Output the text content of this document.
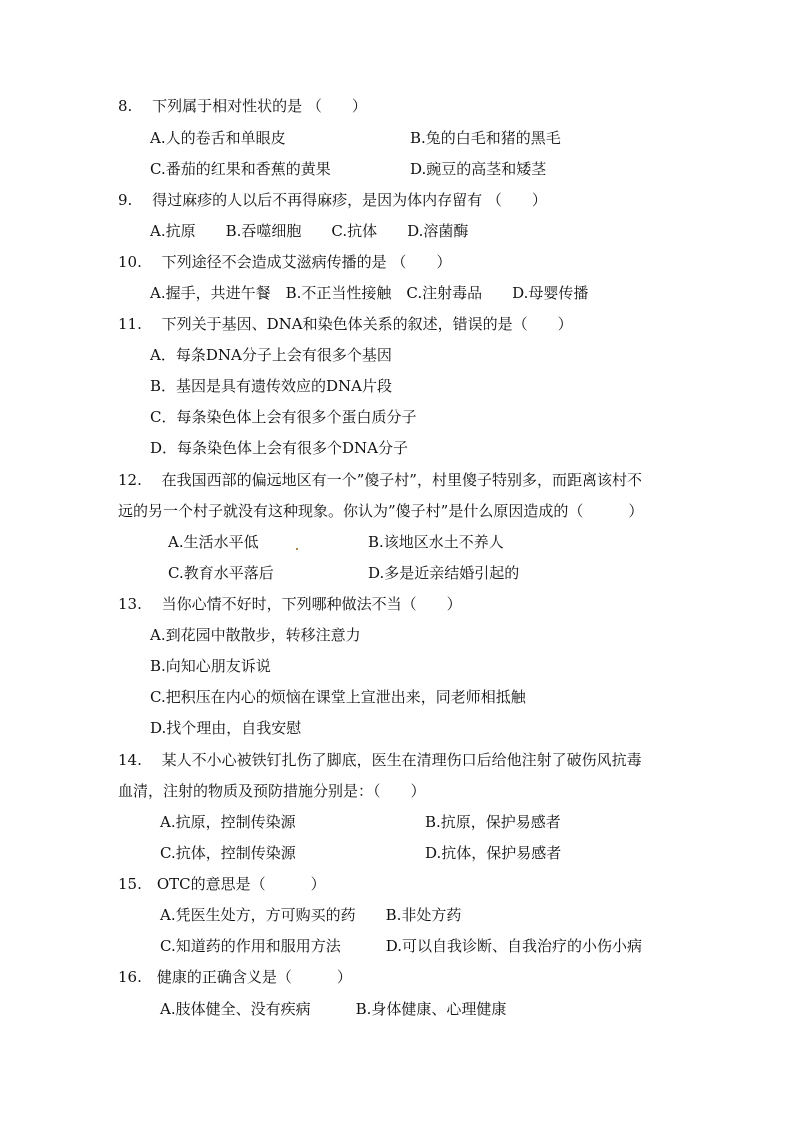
8.　 下列属于相对性状的是 （　　）
A.人的卷舌和单眼皮	B.兔的白毛和猪的黑毛
C.番茄的红果和香蕉的黄果	D.豌豆的高茎和矮茎
9.　 得过麻疹的人以后不再得麻疹，是因为体内存留有 （　　）
A.抗原　　B.吞噬细胞　　C.抗体　　D.溶菌酶
10.　 下列途径不会造成艾滋病传播的是 （　　）
A.握手，共进午餐　B.不正当性接触　C.注射毒品　　D.母婴传播
11.　 下列关于基因、DNA和染色体关系的叙述，错误的是（　　）
A．每条DNA分子上会有很多个基因
B．基因是具有遗传效应的DNA片段
C．每条染色体上会有很多个蛋白质分子
D．每条染色体上会有很多个DNA分子
12.　 在我国西部的偏远地区有一个”傻子村”，村里傻子特别多，而距离该村不
远的另一个村子就没有这种现象。你认为”傻子村”是什么原因造成的（　　　）
A.生活水平低	B.该地区水土不养人
C.教育水平落后	D.多是近亲结婚引起的
13.　 当你心情不好时，下列哪种做法不当（　　）
A.到花园中散散步，转移注意力
B.向知心朋友诉说
C.把积压在内心的烦恼在课堂上宣泄出来，同老师相抵触
D.找个理由，自我安慰
14.　 某人不小心被铁钉扎伤了脚底，医生在清理伤口后给他注射了破伤风抗毒
血清，注射的物质及预防措施分别是：（　　）
A.抗原，控制传染源	B.抗原，保护易感者
C.抗体，控制传染源	D.抗体，保护易感者
15.　OTC的意思是（　　　）
A.凭医生处方，方可购买的药　　B.非处方药
C.知道药的作用和服用方法　　　D.可以自我诊断、自我治疗的小伤小病
16.　健康的正确含义是（　　　）
A.肢体健全、没有疾病　　　B.身体健康、心理健康
